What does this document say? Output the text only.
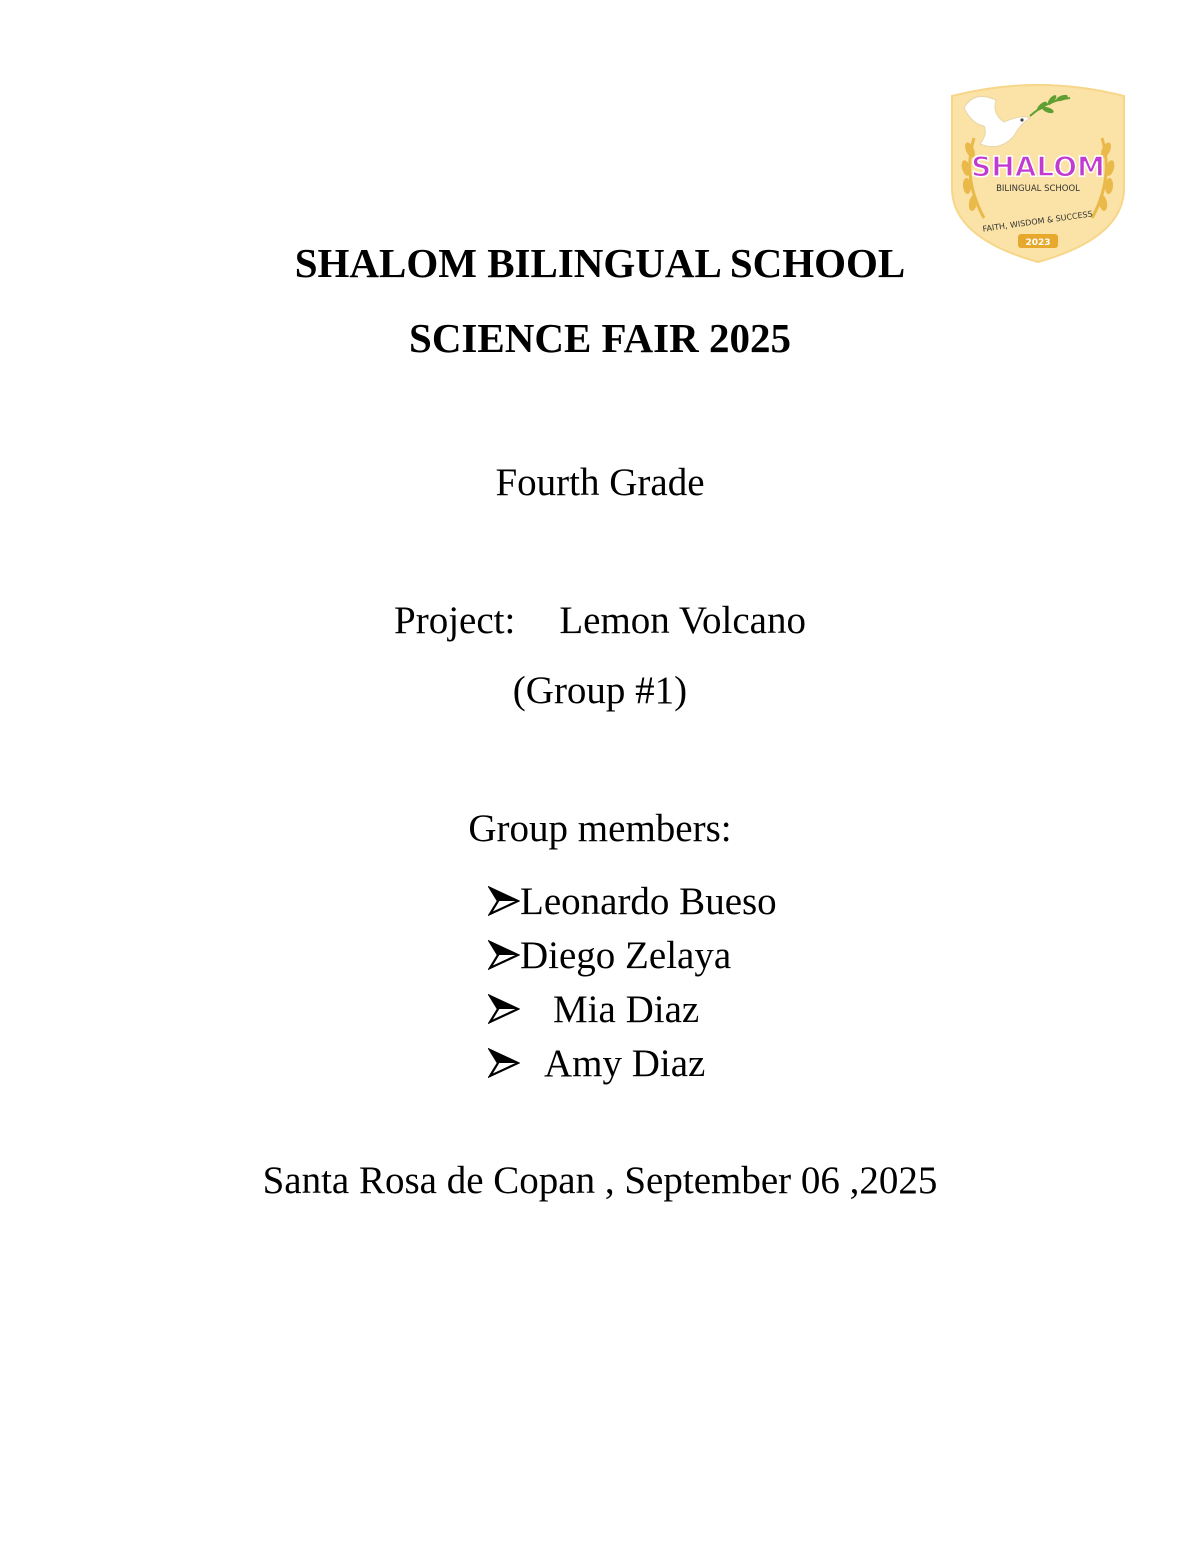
SHALOM
BILINGUAL SCHOOL
FAITH, WISDOM & SUCCESS
2023
SHALOM BILINGUAL SCHOOL
SCIENCE FAIR 2025
Fourth Grade
Project: Lemon Volcano
(Group #1)
Group members:
Leonardo Bueso
Diego Zelaya
Mia Diaz
Amy Diaz
Santa Rosa de Copan , September 06 ,2025
